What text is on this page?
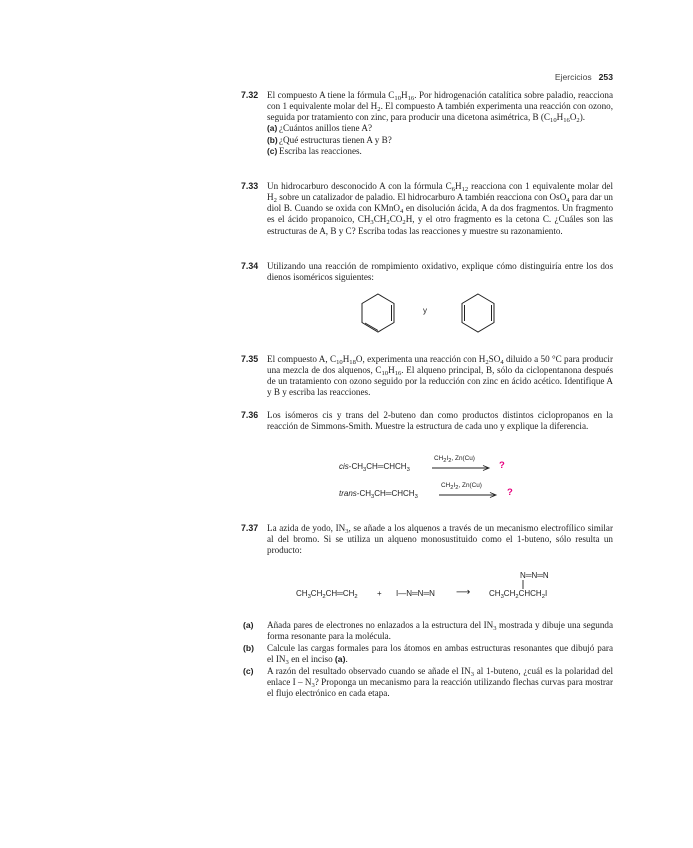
Ejercicios 253
7.32 El compuesto A tiene la fórmula $C_{10}H_{16}$. Por hidrogenación catalítica sobre paladio, reacciona con 1 equivalente molar del $H_2$. El compuesto A también experimenta una reacción con ozono, seguida por tratamiento con zinc, para producir una dicetona asimétrica, B $(C_{10}H_{16}O_2)$.

(a) ¿Cuántos anillos tiene A?
(b) ¿Qué estructuras tienen A y B?
(c) Escriba las reacciones.
7.33 Un hidrocarburo desconocido A con la fórmula $C_6H_{12}$ reacciona con 1 equivalente molar del $H_2$ sobre un catalizador de paladio. El hidrocarburo A también reacciona con OsO$_4$ para dar un diol B. Cuando se oxida con KMnO$_4$ en disolución ácida, A da dos fragmentos. Un fragmento es el ácido propanoico, $CH_3CH_2CO_2H$, y el otro fragmento es la cetona C. ¿Cuáles son las estructuras de A, B y C? Escriba todas las reacciones y muestre su razonamiento.

7.34 Utilizando una reacción de rompimiento oxidativo, explique cómo distinguiría entre los dos dienos isoméricos siguientes:

y
7.35 El compuesto A, $C_{10}H_{18}O$, experimenta una reacción con $H_2SO_4$ diluido a 50 °C para producir una mezcla de dos alquenos, $C_{10}H_{16}$. El alqueno principal, B, sólo da ciclopentanona después de un tratamiento con ozono seguido por la reducción con zinc en ácido acético. Identifique A y B y escriba las reacciones.

7.36 Los isómeros cis y trans del 2-buteno dan como productos distintos ciclopropanos en la reacción de Simmons-Smith. Muestre la estructura de cada uno y explique la diferencia.

cis-$CH_3CH═CHCH_3$
$CH_2I_2$, Zn(Cu)
→ ?
trans-$CH_3CH═CHCH_3$
$CH_2I_2$, Zn(Cu)
→ ?
7.37 La azida de yodo, $IN_3$, se añade a los alquenos a través de un mecanismo electrofílico similar al del bromo. Si se utiliza un alqueno monosustituido como el 1-buteno, sólo resulta un producto:

$CH_3CH_2CH═CH_2$ + I—N═N═N ⟶ $CH_3CH_2CHCH_2I$
N═N═N
(a)	Añada pares de electrones no enlazados a la estructura del $IN_3$ mostrada y dibuje una segunda forma resonante para la molécula.
(b)	Calcule las cargas formales para los átomos en ambas estructuras resonantes que dibujó para el $IN_3$ en el inciso (a).
(c)	A razón del resultado observado cuando se añade el $IN_3$ al 1-buteno, ¿cuál es la polaridad del enlace I – $N_3$? Proponga un mecanismo para la reacción utilizando flechas curvas para mostrar el flujo electrónico en cada etapa.
